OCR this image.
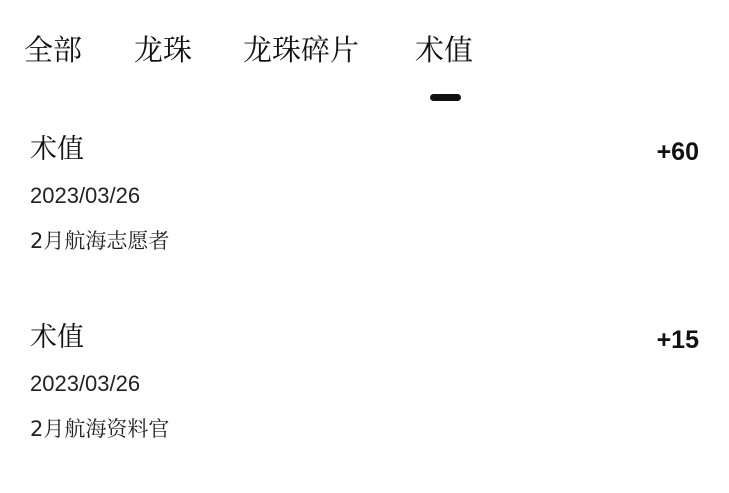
全部 龙珠 龙珠碎片 术值
术值	+60
2023/03/26
2月航海志愿者
术值	+15
2023/03/26
2月航海资料官
